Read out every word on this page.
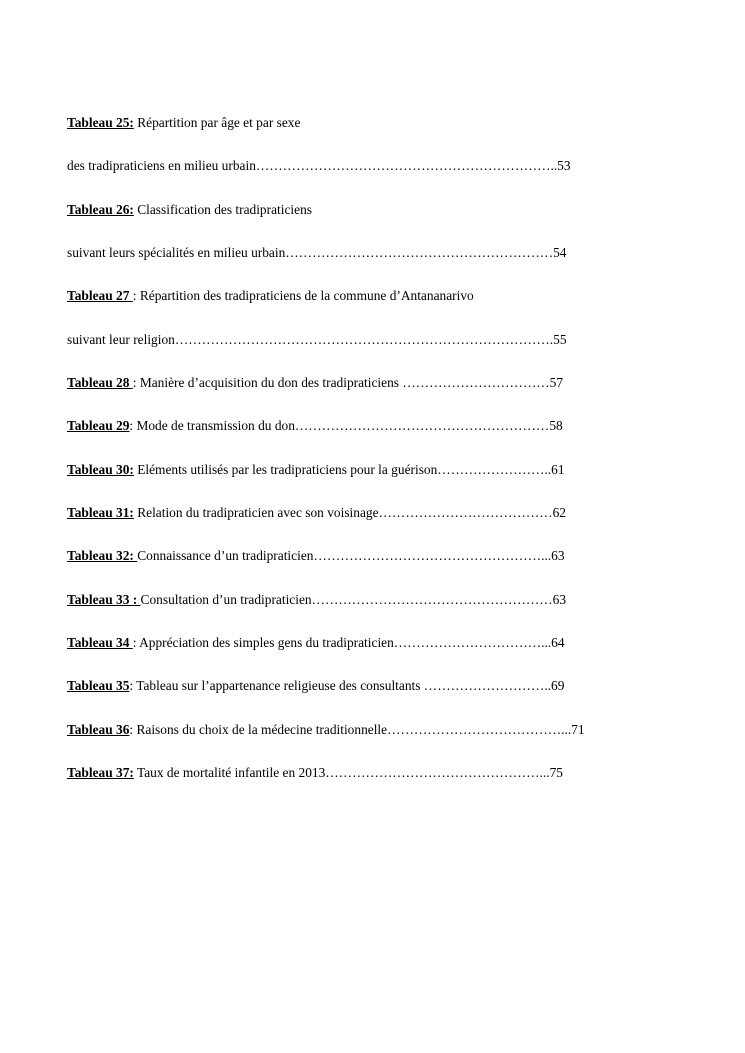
Tableau 25: Répartition par âge et par sexe
des tradipraticiens en milieu urbain…………………………………………………………..53
Tableau 26: Classification des tradipraticiens
suivant leurs spécialités en milieu urbain……………………………………………………54
Tableau 27 : Répartition des tradipraticiens de la commune d’Antananarivo
suivant leur religion………………………………………………………………………….55
Tableau 28 : Manière d’acquisition du don des tradipraticiens ……………………………57
Tableau 29: Mode de transmission du don…………………………………………………58
Tableau 30: Eléments utilisés par les tradipraticiens pour la guérison……………………..61
Tableau 31: Relation du tradipraticien avec son voisinage…………………………………62
Tableau 32: Connaissance d’un tradipraticien……………………………………………...63
Tableau 33 : Consultation d’un tradipraticien………………………………………………63
Tableau 34 : Appréciation des simples gens du tradipraticien……………………………...64
Tableau 35: Tableau sur l’appartenance religieuse des consultants ………………………..69
Tableau 36: Raisons du choix de la médecine traditionnelle…………………………………...71
Tableau 37: Taux de mortalité infantile en 2013…………………………………………...75
